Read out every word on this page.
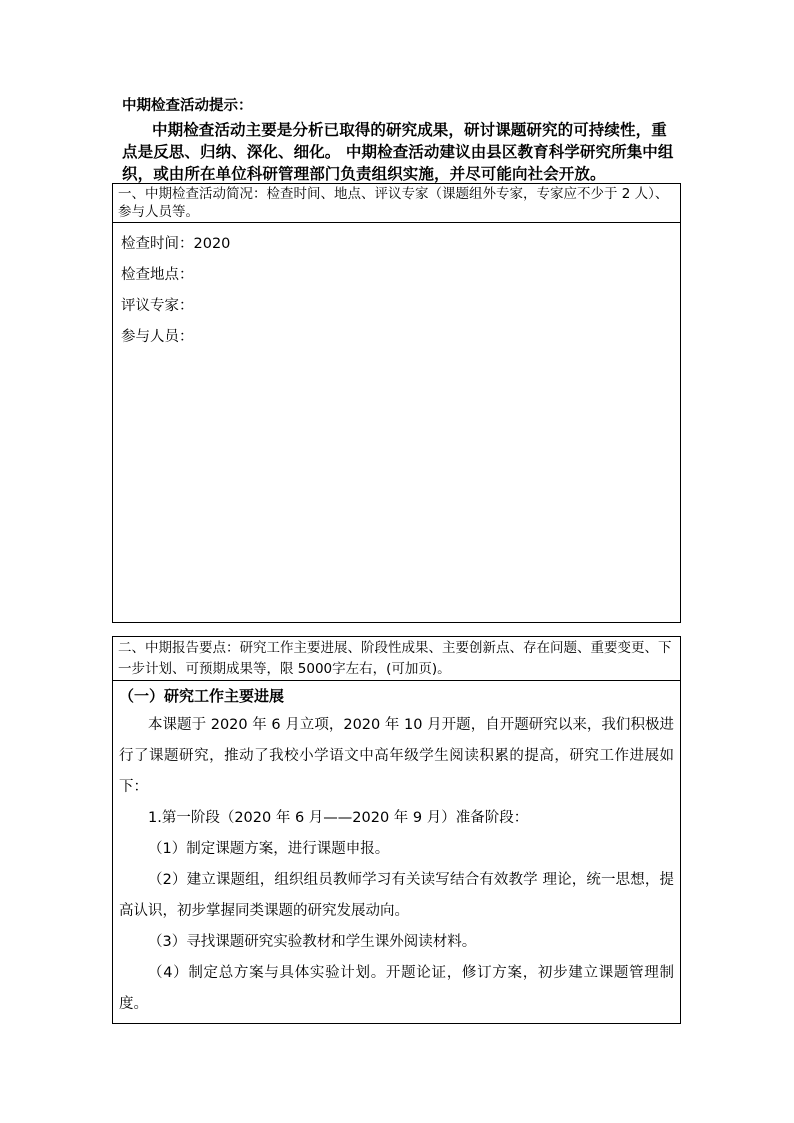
中期检查活动提示：
中期检查活动主要是分析已取得的研究成果，研讨课题研究的可持续性，重点是反思、归纳、深化、细化。 中期检查活动建议由县区教育科学研究所集中组织，或由所在单位科研管理部门负责组织实施，并尽可能向社会开放。
一、中期检查活动简况：检查时间、地点、评议专家（课题组外专家，专家应不少于 2 人）、参与人员等。

检查时间：2020
检查地点：
评议专家：
参与人员：
二、中期报告要点：研究工作主要进展、阶段性成果、主要创新点、存在问题、重要变更、下一步计划、可预期成果等，限 5000字左右，(可加页)。

（一）研究工作主要进展
本课题于 2020 年 6 月立项，2020 年 10 月开题，自开题研究以来，我们积极进行了课题研究，推动了我校小学语文中高年级学生阅读积累的提高，研究工作进展如下：
1.第一阶段（2020 年 6 月——2020 年 9 月）准备阶段：
（1）制定课题方案，进行课题申报。
（2）建立课题组，组织组员教师学习有关读写结合有效教学 理论，统一思想，提高认识，初步掌握同类课题的研究发展动向。
（3）寻找课题研究实验教材和学生课外阅读材料。
（4）制定总方案与具体实验计划。开题论证，修订方案，初步建立课题管理制度。
